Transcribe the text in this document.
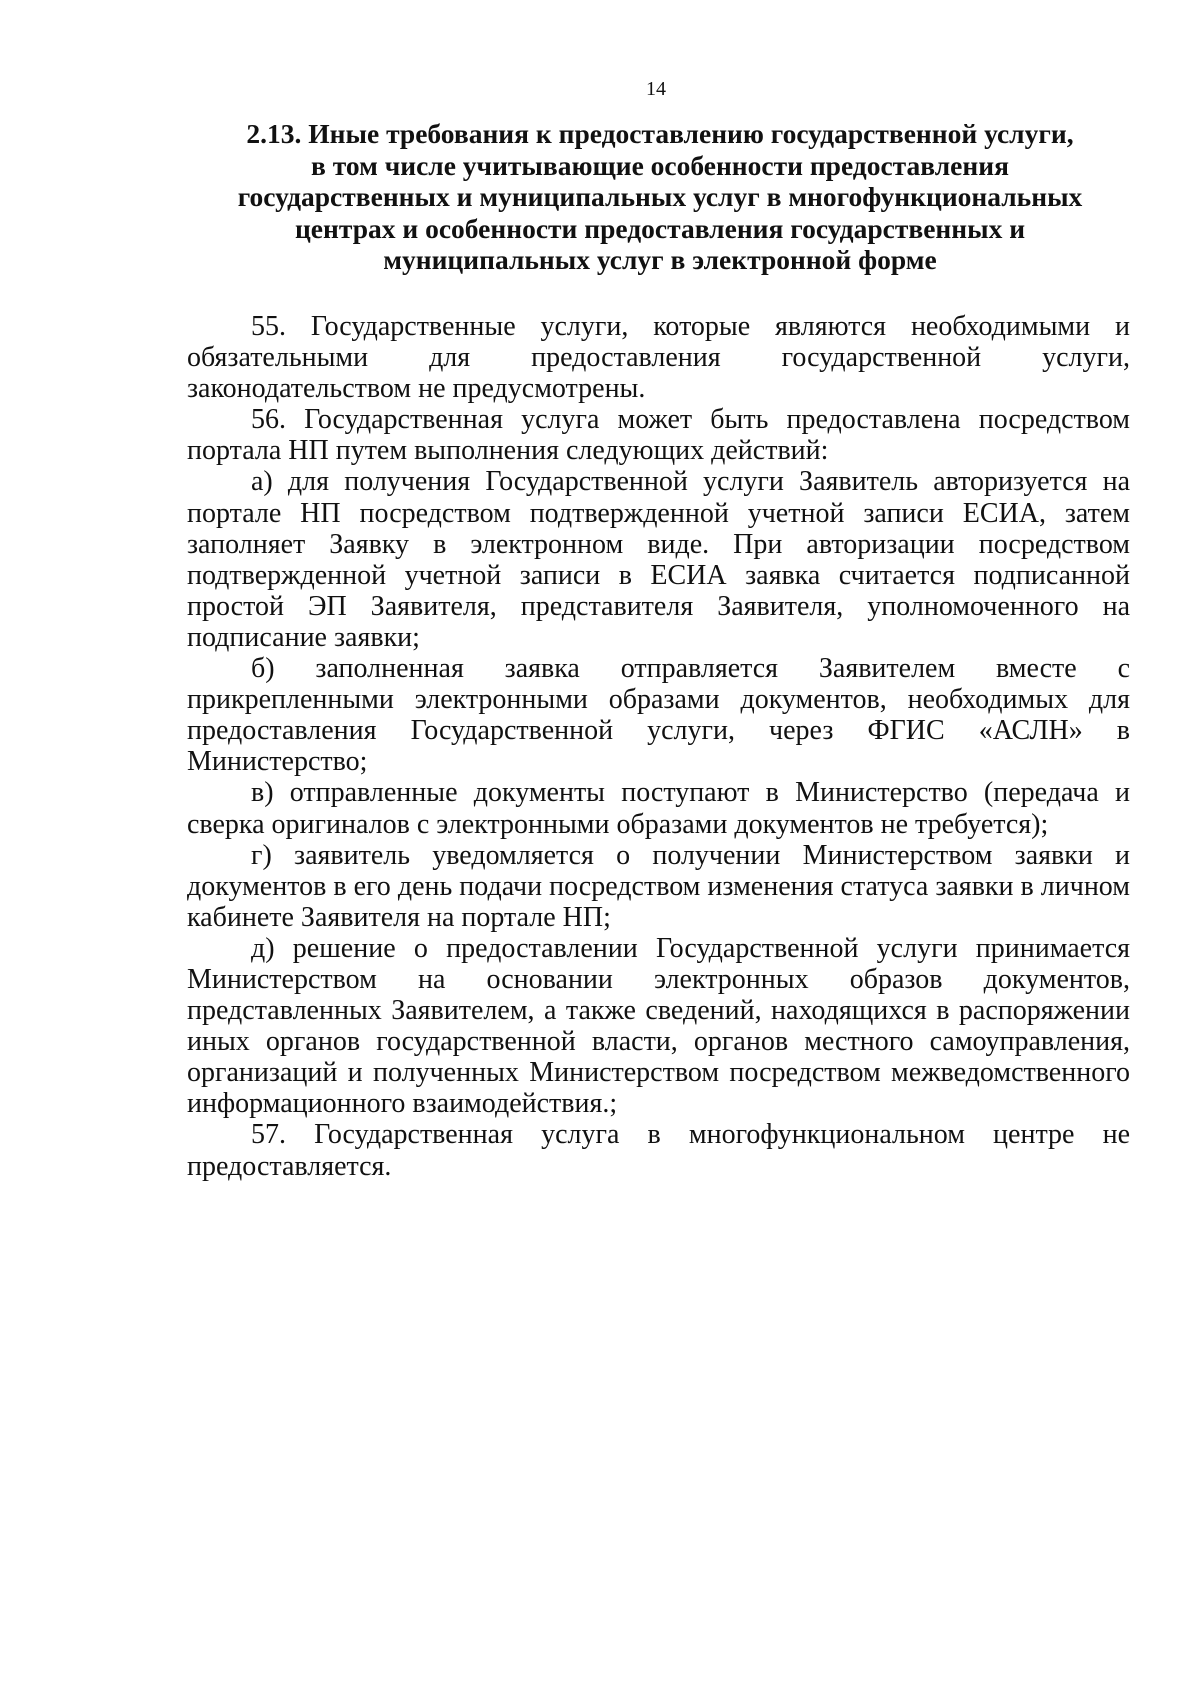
14
2.13. Иные требования к предоставлению государственной услуги,
в том числе учитывающие особенности предоставления
государственных и муниципальных услуг в многофункциональных
центрах и особенности предоставления государственных и
муниципальных услуг в электронной форме

55. Государственные услуги, которые являются необходимыми и обязательными для предоставления государственной услуги, законодательством не предусмотрены.

56. Государственная услуга может быть предоставлена посредством портала НП путем выполнения следующих действий:

а) для получения Государственной услуги Заявитель авторизуется на портале НП посредством подтвержденной учетной записи ЕСИА, затем заполняет Заявку в электронном виде. При авторизации посредством подтвержденной учетной записи в ЕСИА заявка считается подписанной простой ЭП Заявителя, представителя Заявителя, уполномоченного на подписание заявки;

б) заполненная заявка отправляется Заявителем вместе с прикрепленными электронными образами документов, необходимых для предоставления Государственной услуги, через ФГИС «АСЛН» в Министерство;

в) отправленные документы поступают в Министерство (передача и сверка оригиналов с электронными образами документов не требуется);

г) заявитель уведомляется о получении Министерством заявки и документов в его день подачи посредством изменения статуса заявки в личном кабинете Заявителя на портале НП;

д) решение о предоставлении Государственной услуги принимается Министерством на основании электронных образов документов, представленных Заявителем, а также сведений, находящихся в распоряжении иных органов государственной власти, органов местного самоуправления, организаций и полученных Министерством посредством межведомственного информационного взаимодействия.;

57. Государственная услуга в многофункциональном центре не предоставляется.
